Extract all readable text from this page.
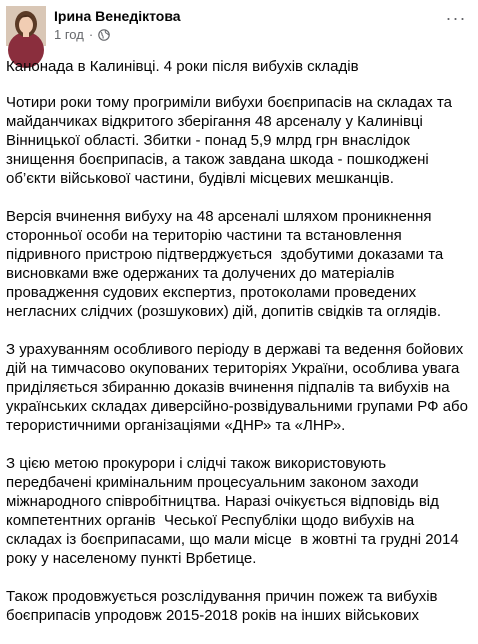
Ірина Венедіктова
1 год ·
···

Канонада в Калинівці. 4 роки після вибухів складів

Чотири роки тому прогриміли вибухи боєприпасів на складах та майданчиках відкритого зберігання 48 арсеналу у Калинівці Вінницької області. Збитки - понад 5,9 млрд грн внаслідок знищення боєприпасів, а також завдана шкода - пошкоджені об’єкти військової частини, будівлі місцевих мешканців.

Версія вчинення вибуху на 48 арсеналі шляхом проникнення сторонньої особи на територію частини та встановлення підривного пристрою підтверджується  здобутими доказами та висновками вже одержаних та долучених до матеріалів провадження судових експертиз, протоколами проведених негласних слідчих (розшукових) дій, допитів свідків та оглядів.

З урахуванням особливого періоду в державі та ведення бойових дій на тимчасово окупованих територіях України, особлива увага приділяється збиранню доказів вчинення підпалів та вибухів на українських складах диверсійно-розвідувальними групами РФ або терористичними організаціями «ДНР» та «ЛНР».

З цією метою прокурори і слідчі також використовують передбачені кримінальним процесуальним законом заходи міжнародного співробітництва. Наразі очікується відповідь від компетентних органів  Чеської Республіки щодо вибухів на складах із боєприпасами, що мали місце  в жовтні та грудні 2014 року у населеному пункті Врбетице.

Також продовжується розслідування причин пожеж та вибухів боєприпасів упродовж 2015-2018 років на інших військових
